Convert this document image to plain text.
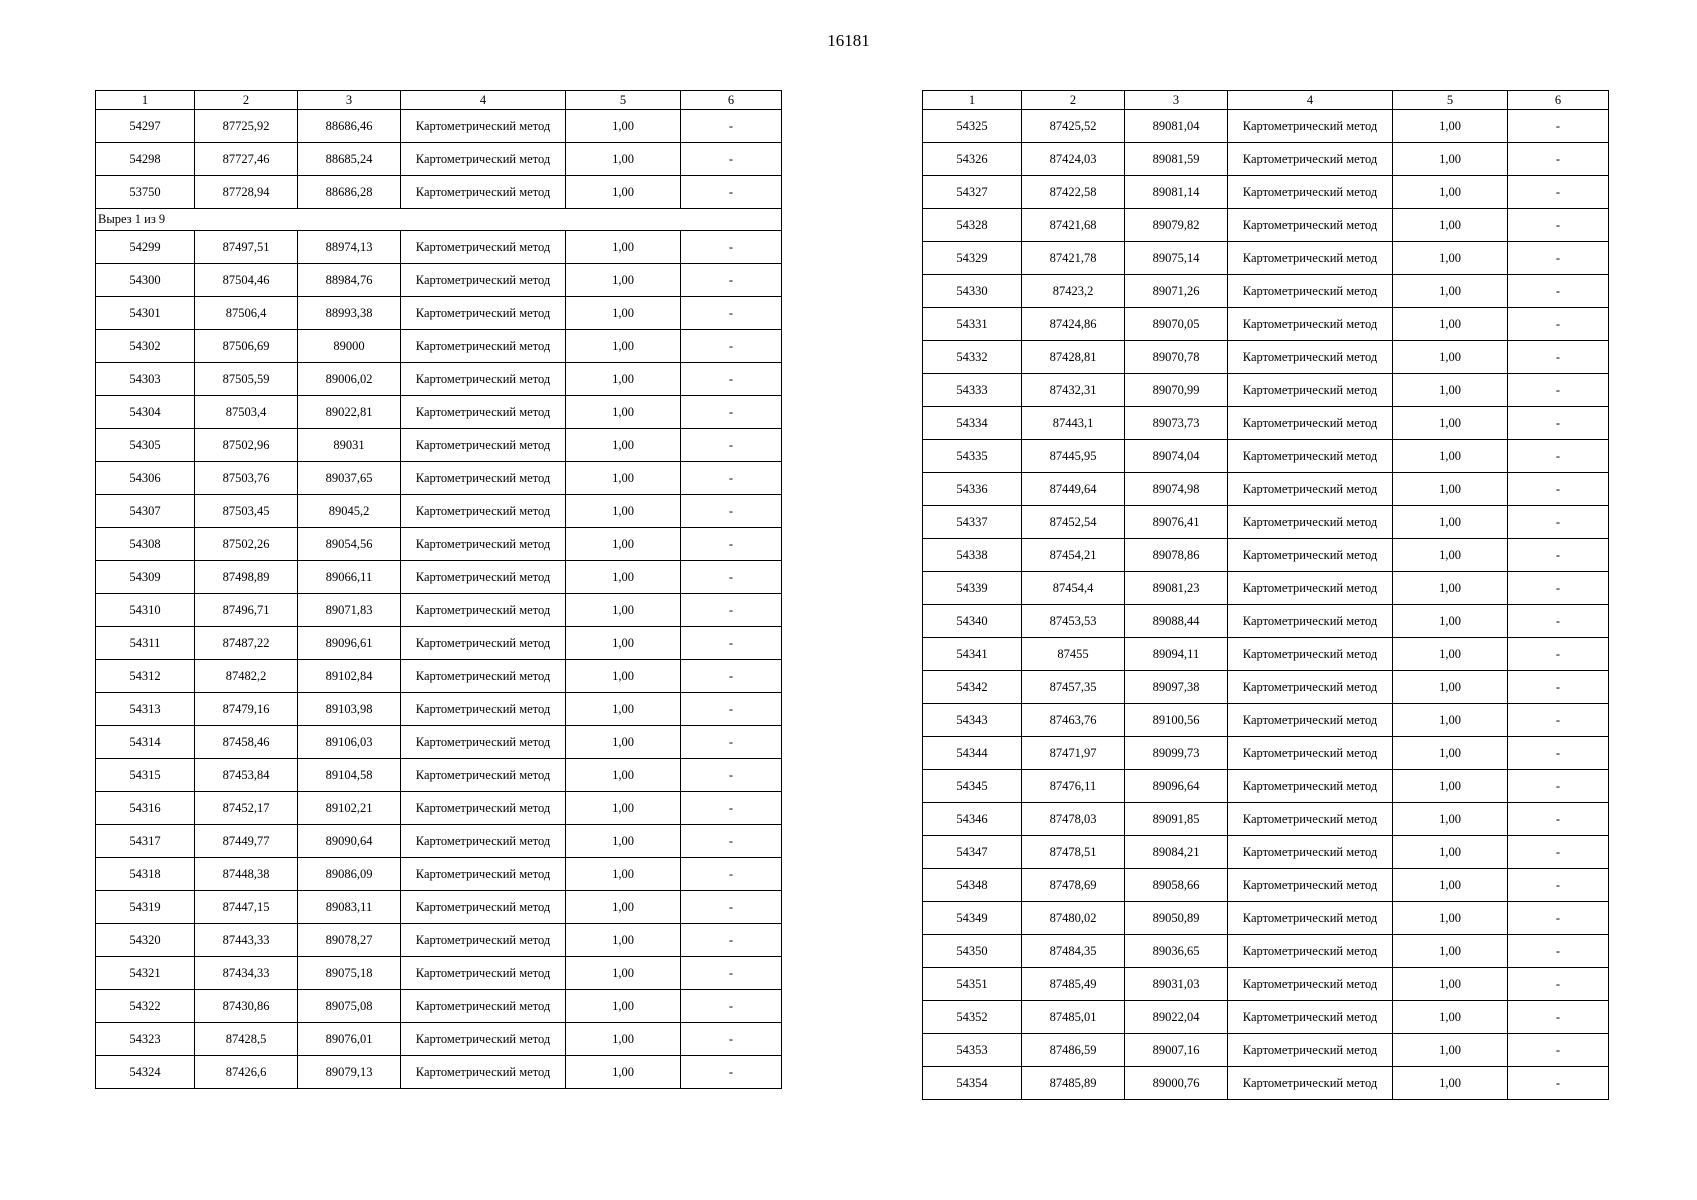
16181
1	2	3	4	5	6
54297	87725,92	88686,46	Картометрический метод	1,00	-
54298	87727,46	88685,24	Картометрический метод	1,00	-
53750	87728,94	88686,28	Картометрический метод	1,00	-
Вырез 1 из 9					
54299	87497,51	88974,13	Картометрический метод	1,00	-
54300	87504,46	88984,76	Картометрический метод	1,00	-
54301	87506,4	88993,38	Картометрический метод	1,00	-
54302	87506,69	89000	Картометрический метод	1,00	-
54303	87505,59	89006,02	Картометрический метод	1,00	-
54304	87503,4	89022,81	Картометрический метод	1,00	-
54305	87502,96	89031	Картометрический метод	1,00	-
54306	87503,76	89037,65	Картометрический метод	1,00	-
54307	87503,45	89045,2	Картометрический метод	1,00	-
54308	87502,26	89054,56	Картометрический метод	1,00	-
54309	87498,89	89066,11	Картометрический метод	1,00	-
54310	87496,71	89071,83	Картометрический метод	1,00	-
54311	87487,22	89096,61	Картометрический метод	1,00	-
54312	87482,2	89102,84	Картометрический метод	1,00	-
54313	87479,16	89103,98	Картометрический метод	1,00	-
54314	87458,46	89106,03	Картометрический метод	1,00	-
54315	87453,84	89104,58	Картометрический метод	1,00	-
54316	87452,17	89102,21	Картометрический метод	1,00	-
54317	87449,77	89090,64	Картометрический метод	1,00	-
54318	87448,38	89086,09	Картометрический метод	1,00	-
54319	87447,15	89083,11	Картометрический метод	1,00	-
54320	87443,33	89078,27	Картометрический метод	1,00	-
54321	87434,33	89075,18	Картометрический метод	1,00	-
54322	87430,86	89075,08	Картометрический метод	1,00	-
54323	87428,5	89076,01	Картометрический метод	1,00	-
54324	87426,6	89079,13	Картометрический метод	1,00	-
1	2	3	4	5	6
54325	87425,52	89081,04	Картометрический метод	1,00	-
54326	87424,03	89081,59	Картометрический метод	1,00	-
54327	87422,58	89081,14	Картометрический метод	1,00	-
54328	87421,68	89079,82	Картометрический метод	1,00	-
54329	87421,78	89075,14	Картометрический метод	1,00	-
54330	87423,2	89071,26	Картометрический метод	1,00	-
54331	87424,86	89070,05	Картометрический метод	1,00	-
54332	87428,81	89070,78	Картометрический метод	1,00	-
54333	87432,31	89070,99	Картометрический метод	1,00	-
54334	87443,1	89073,73	Картометрический метод	1,00	-
54335	87445,95	89074,04	Картометрический метод	1,00	-
54336	87449,64	89074,98	Картометрический метод	1,00	-
54337	87452,54	89076,41	Картометрический метод	1,00	-
54338	87454,21	89078,86	Картометрический метод	1,00	-
54339	87454,4	89081,23	Картометрический метод	1,00	-
54340	87453,53	89088,44	Картометрический метод	1,00	-
54341	87455	89094,11	Картометрический метод	1,00	-
54342	87457,35	89097,38	Картометрический метод	1,00	-
54343	87463,76	89100,56	Картометрический метод	1,00	-
54344	87471,97	89099,73	Картометрический метод	1,00	-
54345	87476,11	89096,64	Картометрический метод	1,00	-
54346	87478,03	89091,85	Картометрический метод	1,00	-
54347	87478,51	89084,21	Картометрический метод	1,00	-
54348	87478,69	89058,66	Картометрический метод	1,00	-
54349	87480,02	89050,89	Картометрический метод	1,00	-
54350	87484,35	89036,65	Картометрический метод	1,00	-
54351	87485,49	89031,03	Картометрический метод	1,00	-
54352	87485,01	89022,04	Картометрический метод	1,00	-
54353	87486,59	89007,16	Картометрический метод	1,00	-
54354	87485,89	89000,76	Картометрический метод	1,00	-
